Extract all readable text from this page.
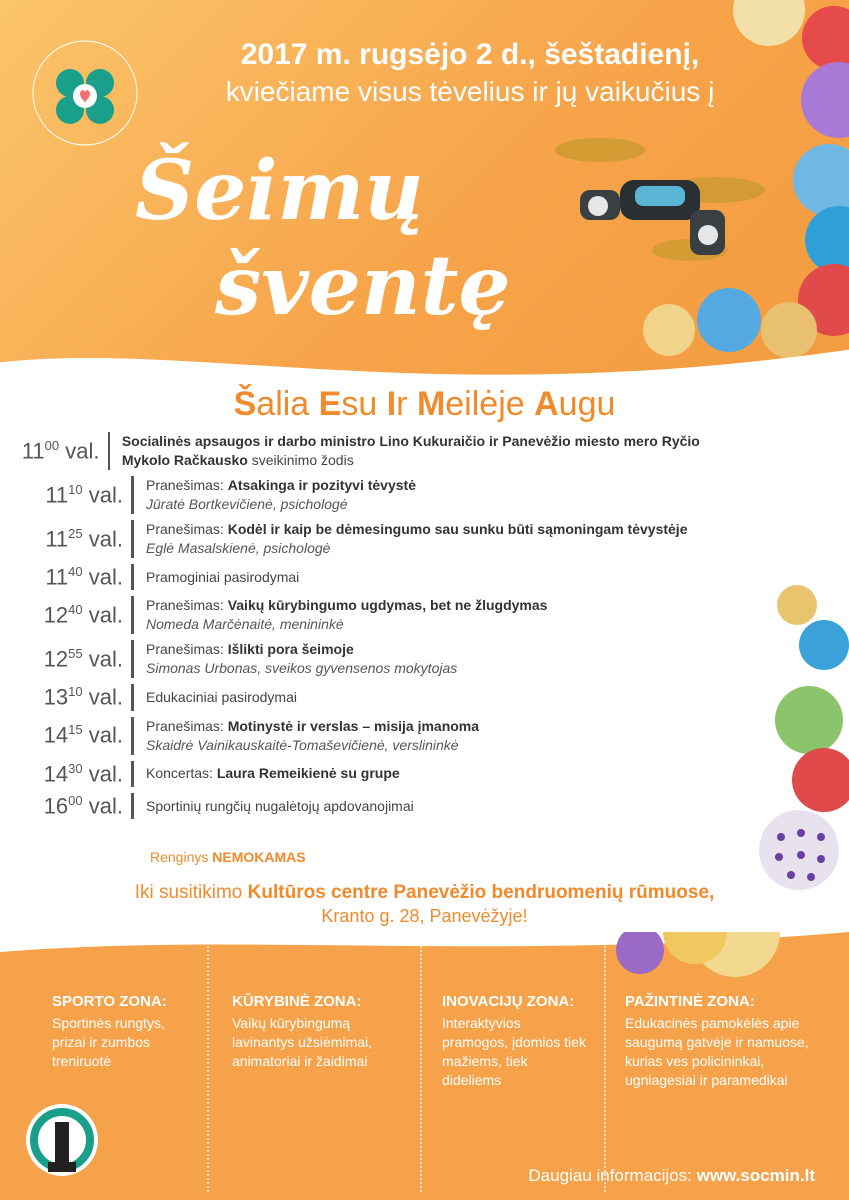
2017 m. rugsėjo 2 d., šeštadienį,
kviečiame visus tėvelius ir jų vaikučius į
Šeimų
šventę
Šalia Esu Ir Meilėje Augu
$11^{00}$ val.	Socialinės apsaugos ir darbo ministro Lino Kukuraičio ir Panevėžio miesto mero Ryčio Mykolo Račkausko sveikinimo žodis
$11^{10}$ val.	Pranešimas: Atsakinga ir pozityvi tėvystė
Jūratė Bortkevičienė, psichologė
$11^{25}$ val.	Pranešimas: Kodėl ir kaip be dėmesingumo sau sunku būti sąmoningam tėvystėje
Eglė Masalskienė, psichologė
$11^{40}$ val.	Pramoginiai pasirodymai
$12^{40}$ val.	Pranešimas: Vaikų kūrybingumo ugdymas, bet ne žlugdymas
Nomeda Marčėnaitė, menininkė
$12^{55}$ val.	Pranešimas: Išlikti pora šeimoje
Simonas Urbonas, sveikos gyvensenos mokytojas
$13^{10}$ val.	Edukaciniai pasirodymai
$14^{15}$ val.	Pranešimas: Motinystė ir verslas – misija įmanoma
Skaidrė Vainikauskaitė-Tomaševičienė, verslininkė
$14^{30}$ val.	Koncertas: Laura Remeikienė su grupe
$16^{00}$ val.	Sportinių rungčių nugalėtojų apdovanojimai
Renginys NEMOKAMAS
Iki susitikimo Kultūros centre Panevėžio bendruomenių rūmuose,
Kranto g. 28, Panevėžyje!
SPORTO ZONA:
Sportinės rungtys, prizai ir zumbos treniruotė
KŪRYBINĖ ZONA:
Vaikų kūrybingumą lavinantys užsiėmimai, animatoriai ir žaidimai
INOVACIJŲ ZONA:
Interaktyvios pramogos, įdomios tiek mažiems, tiek dideliems
PAŽINTINĖ ZONA:
Edukacinės pamokėlės apie saugumą gatvėje ir namuose, kurias ves policininkai, ugniagesiai ir paramedikai
Daugiau informacijos: www.socmin.lt
